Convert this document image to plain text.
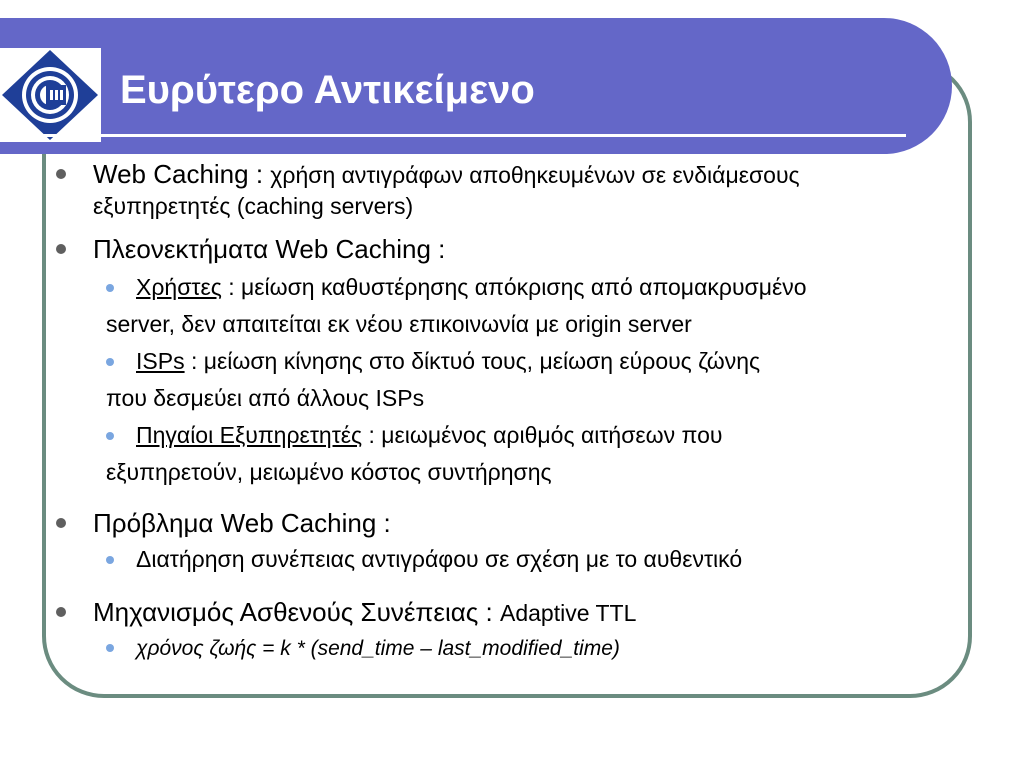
Ευρύτερο Αντικείμενο
Web Caching : χρήση αντιγράφων αποθηκευμένων σε ενδιάμεσους
εξυπηρετητές (caching servers)
Πλεονεκτήματα Web Caching :
Χρήστες : μείωση καθυστέρησης απόκρισης από απομακρυσμένο
server, δεν απαιτείται εκ νέου επικοινωνία με origin server
ISPs : μείωση κίνησης στο δίκτυό τους, μείωση εύρους ζώνης
που δεσμεύει από άλλους ISPs
Πηγαίοι Εξυπηρετητές : μειωμένος αριθμός αιτήσεων που
εξυπηρετούν, μειωμένο κόστος συντήρησης
Πρόβλημα Web Caching :
Διατήρηση συνέπειας αντιγράφου σε σχέση με το αυθεντικό
Μηχανισμός Ασθενούς Συνέπειας : Adaptive TTL
χρόνος ζωής = k * (send_time – last_modified_time)
